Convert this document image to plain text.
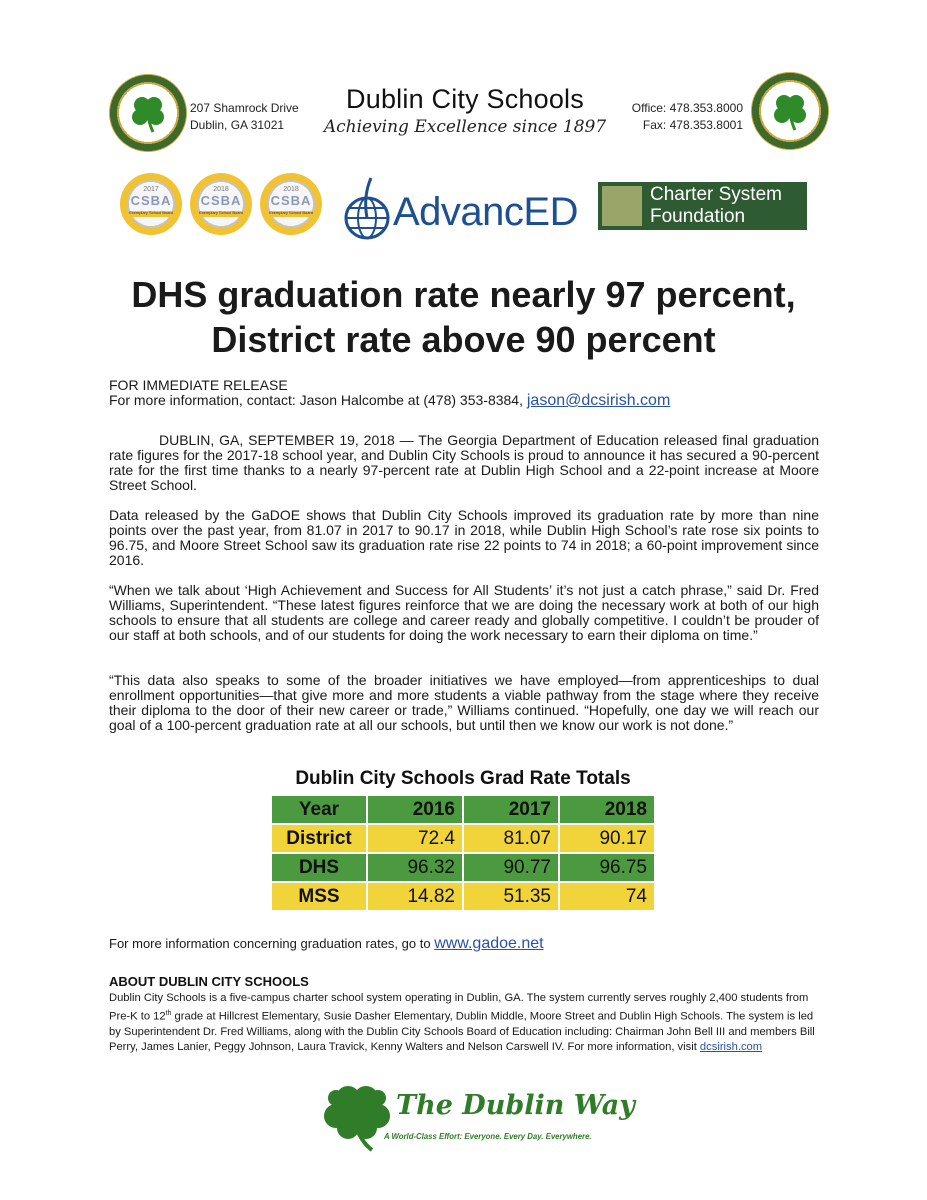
207 Shamrock Drive
Dublin, GA 31021
Dublin City Schools
Achieving Excellence since 1897
Office: 478.353.8000
Fax: 478.353.8001
2017
CSBA
Exemplary School Board
2018
CSBA
Exemplary School Board
2018
CSBA
Exemplary School Board AdvancED	Charter System
Foundation
DHS graduation rate nearly 97 percent,
District rate above 90 percent
FOR IMMEDIATE RELEASE
For more information, contact: Jason Halcombe at (478) 353-8384, jason@dcsirish.com
DUBLIN, GA, SEPTEMBER 19, 2018 — The Georgia Department of Education released final graduation rate figures for the 2017-18 school year, and Dublin City Schools is proud to announce it has secured a 90-percent rate for the first time thanks to a nearly 97-percent rate at Dublin High School and a 22-point increase at Moore Street School.
Data released by the GaDOE shows that Dublin City Schools improved its graduation rate by more than nine points over the past year, from 81.07 in 2017 to 90.17 in 2018, while Dublin High School’s rate rose six points to 96.75, and Moore Street School saw its graduation rate rise 22 points to 74 in 2018; a 60-point improvement since 2016.
“When we talk about ‘High Achievement and Success for All Students’ it’s not just a catch phrase,” said Dr. Fred Williams, Superintendent. “These latest figures reinforce that we are doing the necessary work at both of our high schools to ensure that all students are college and career ready and globally competitive. I couldn’t be prouder of our staff at both schools, and of our students for doing the work necessary to earn their diploma on time.”
“This data also speaks to some of the broader initiatives we have employed—from apprenticeships to dual enrollment opportunities—that give more and more students a viable pathway from the stage where they receive their diploma to the door of their new career or trade,” Williams continued. “Hopefully, one day we will reach our goal of a 100-percent graduation rate at all our schools, but until then we know our work is not done.”
Dublin City Schools Grad Rate Totals
Year	2016	2017	2018
District	72.4	81.07	90.17
DHS	96.32	90.77	96.75
MSS	14.82	51.35	74
For more information concerning graduation rates, go to www.gadoe.net
ABOUT DUBLIN CITY SCHOOLS
Dublin City Schools is a five-campus charter school system operating in Dublin, GA. The system currently serves roughly 2,400 students from Pre-K to 12th grade at Hillcrest Elementary, Susie Dasher Elementary, Dublin Middle, Moore Street and Dublin High Schools. The system is led by Superintendent Dr. Fred Williams, along with the Dublin City Schools Board of Education including: Chairman John Bell III and members Bill Perry, James Lanier, Peggy Johnson, Laura Travick, Kenny Walters and Nelson Carswell IV. For more information, visit dcsirish.com
The Dublin Way
A World-Class Effort: Everyone. Every Day. Everywhere.
